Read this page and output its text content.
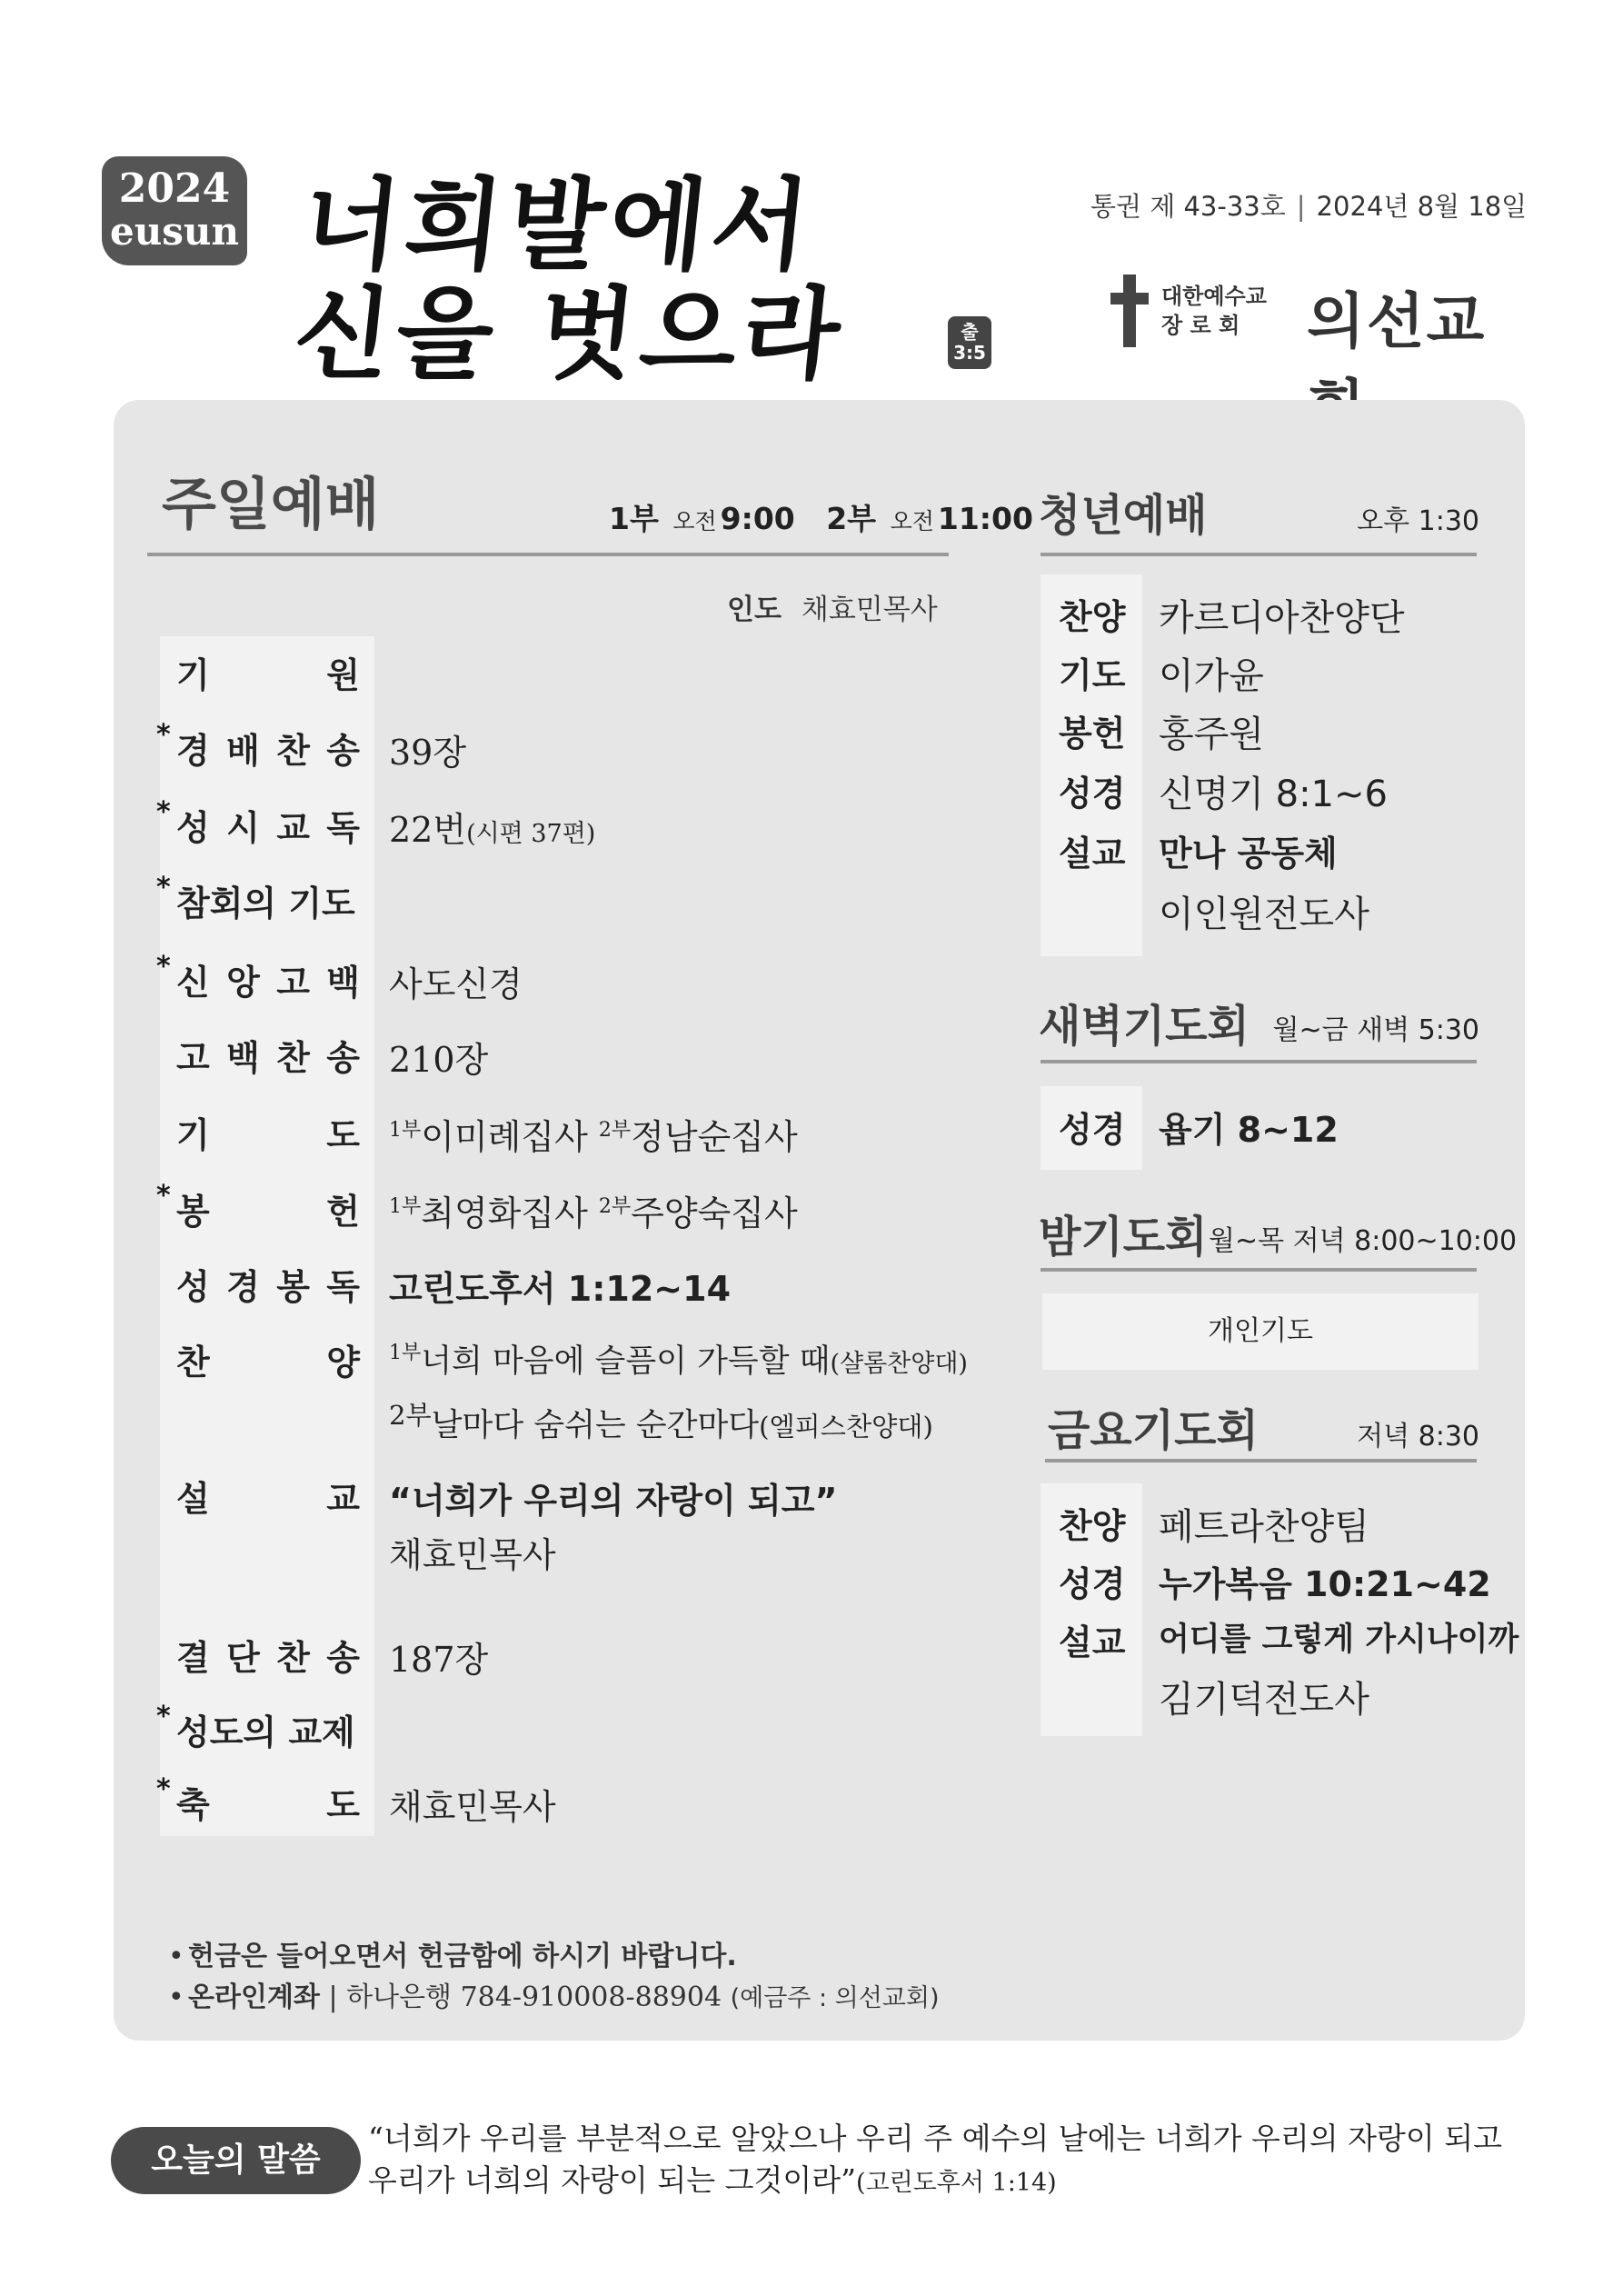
2024
eusun 너희발에서
신을 벗으라	출
3:5
통권 제 43-33호 | 2024년 8월 18일
대한예수교
장 로 회	의선교
주일예배	1부 오전 9:00 2부 오전 11:00
인도 채효민목사
기	원
* 경 배 찬 송 39장
* 성 시 교 독 22번(시편 37편)
* 참회의 기도
* 신 앙 고 백 사도신경
고 백 찬 송 210장
기	도 $^{1부}$이미례집사 $^{2부}$정남순집사
* 봉	헌 $^{1부}$최영화집사 $^{2부}$주양숙집사
성 경 봉 독 고린도후서 1:12~14
찬	양 $^{1부}$너희 마음에 슬픔이 가득할 때(샬롬찬양대)
$^{2부}$날마다 숨쉬는 순간마다(엘피스찬양대)
설	교 “너희가 우리의 자랑이 되고”
채효민목사
결 단 찬 송 187장
* 성도의 교제
* 축	도 채효민목사
• 헌금은 들어오면서 헌금함에 하시기 바랍니다.
• 온라인계좌 | 하나은행 784-910008-88904 (예금주 : 의선교회)
청년예배	오후 1:30
찬양 카르디아찬양단
기도 이가윤
봉헌 홍주원
성경 신명기 8:1~6
설교 만나 공동체
이인원전도사
새벽기도회 월~금 새벽 5:30
성경 욥기 8~12
밤기도회 월~목 저녁 8:00~10:00
개인기도
금요기도회	저녁 8:30
찬양 페트라찬양팀
성경 누가복음 10:21~42
설교 어디를 그렇게 가시나이까
김기덕전도사
오늘의 말씀
“너희가 우리를 부분적으로 알았으나 우리 주 예수의 날에는 너희가 우리의 자랑이 되고
우리가 너희의 자랑이 되는 그것이라”(고린도후서 1:14)
